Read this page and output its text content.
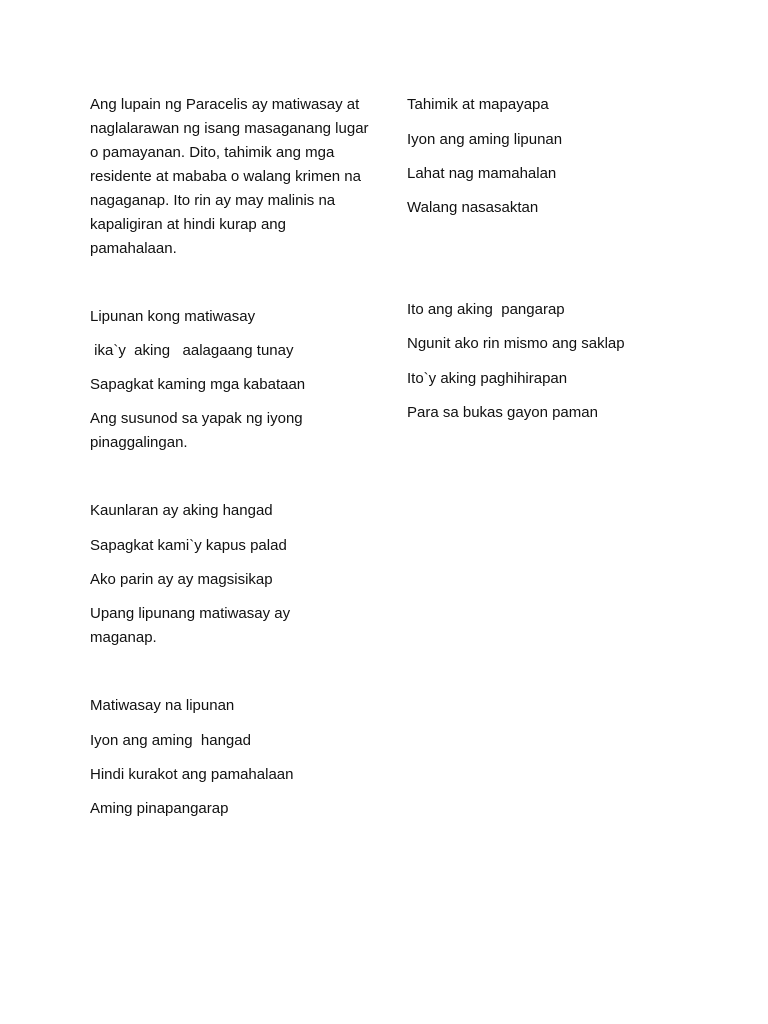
Ang lupain ng Paracelis ay matiwasay at naglalarawan ng isang masaganang lugar o pamayanan. Dito, tahimik ang mga residente at mababa o walang krimen na nagaganap. Ito rin ay may malinis na kapaligiran at hindi kurap ang pamahalaan.

Lipunan kong matiwasay

ika`y  aking   aalagaang tunay

Sapagkat kaming mga kabataan

Ang susunod sa yapak ng iyong pinaggalingan.

Kaunlaran ay aking hangad

Sapagkat kami`y kapus palad

Ako parin ay ay magsisikap

Upang lipunang matiwasay ay maganap.

Matiwasay na lipunan

Iyon ang aming  hangad

Hindi kurakot ang pamahalaan

Aming pinapangarap

Tahimik at mapayapa

Iyon ang aming lipunan

Lahat nag mamahalan

Walang nasasaktan

Ito ang aking  pangarap

Ngunit ako rin mismo ang saklap

Ito`y aking paghihirapan

Para sa bukas gayon paman
